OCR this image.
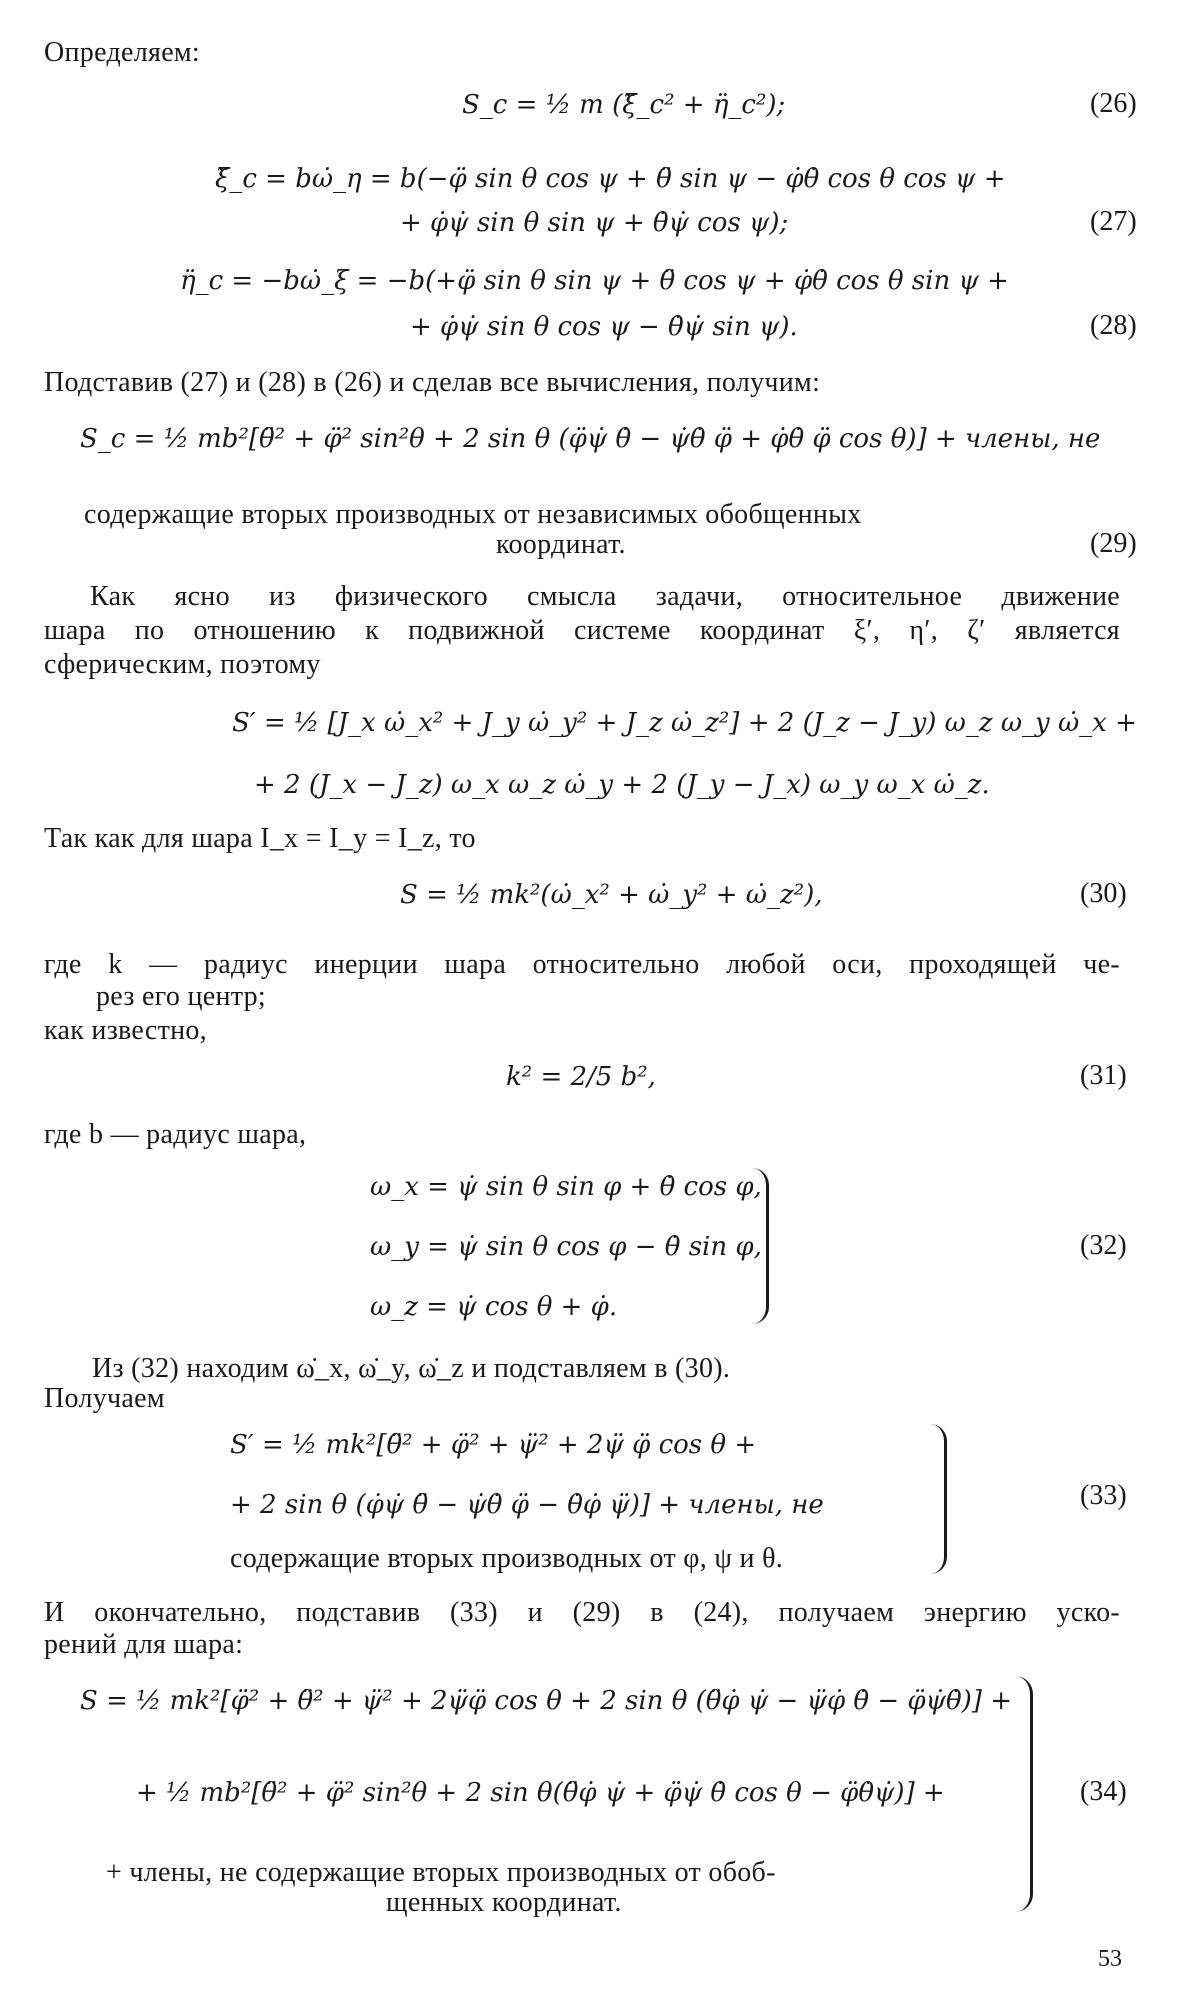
Определяем:
S_c = ½ m (ξ̈_c² + η̈_c²);	(26)
ξ̈_c = bω̇_η = b(−φ̈ sin θ cos ψ + θ̈ sin ψ − φ̇θ̇ cos θ cos ψ +
+ φ̇ψ̇ sin θ sin ψ + θ̇ψ̇ cos ψ);	(27)
η̈_c = −bω̇_ξ = −b(+φ̈ sin θ sin ψ + θ̈ cos ψ + φ̇θ̇ cos θ sin ψ +
+ φ̇ψ̇ sin θ cos ψ − θ̇ψ̇ sin ψ).	(28)
Подставив (27) и (28) в (26) и сделав все вычисления, получим:
S_c = ½ mb²[θ̈² + φ̈² sin²θ + 2 sin θ (φ̈ψ̇ θ̇ − ψ̇θ̇ φ̈ + φ̇θ̇ φ̈ cos θ)] + члены, не
содержащие вторых производных от независимых обобщенных
координат.	(29)
Как ясно из физического смысла задачи, относительное движение
шара по отношению к подвижной системе координат ξ′, η′, ζ′ является
сферическим, поэтому
S′ = ½ [J_x ω̇_x² + J_y ω̇_y² + J_z ω̇_z²] + 2 (J_z − J_y) ω_z ω_y ω̇_x +
+ 2 (J_x − J_z) ω_x ω_z ω̇_y + 2 (J_y − J_x) ω_y ω_x ω̇_z.
Так как для шара I_x = I_y = I_z, то
S = ½ mk²(ω̇_x² + ω̇_y² + ω̇_z²),	(30)
где k — радиус инерции шара относительно любой оси, проходящей че-
рез его центр;
как известно,
k² = 2/5 b²,	(31)
где b — радиус шара,
ω_x = ψ̇ sin θ sin φ + θ̇ cos φ,
ω_y = ψ̇ sin θ cos φ − θ̇ sin φ,
ω_z = ψ̇ cos θ + φ̇.
(32)
Из (32) находим ω̇_x, ω̇_y, ω̇_z и подставляем в (30).
Получаем
S′ = ½ mk²[θ̈² + φ̈² + ψ̈² + 2ψ̈ φ̈ cos θ +
+ 2 sin θ (φ̇ψ̇ θ̈ − ψ̇θ̇ φ̈ − θ̇φ̇ ψ̈)] + члены, не
содержащие вторых производных от φ, ψ и θ.
(33)
И окончательно, подставив (33) и (29) в (24), получаем энергию уско-
рений для шара:
S = ½ mk²[φ̈² + θ̈² + ψ̈² + 2ψ̈φ̈ cos θ + 2 sin θ (θ̈φ̇ ψ̇ − ψ̈φ̇ θ̇ − φ̈ψ̇θ̇)] +
+ ½ mb²[θ̈² + φ̈² sin²θ + 2 sin θ(θ̈φ̇ ψ̇ + φ̈ψ̇ θ̇ cos θ − φ̈θ̇ψ̇)] +
+ члены, не содержащие вторых производных от обоб-
щенных координат.
(34)
53
